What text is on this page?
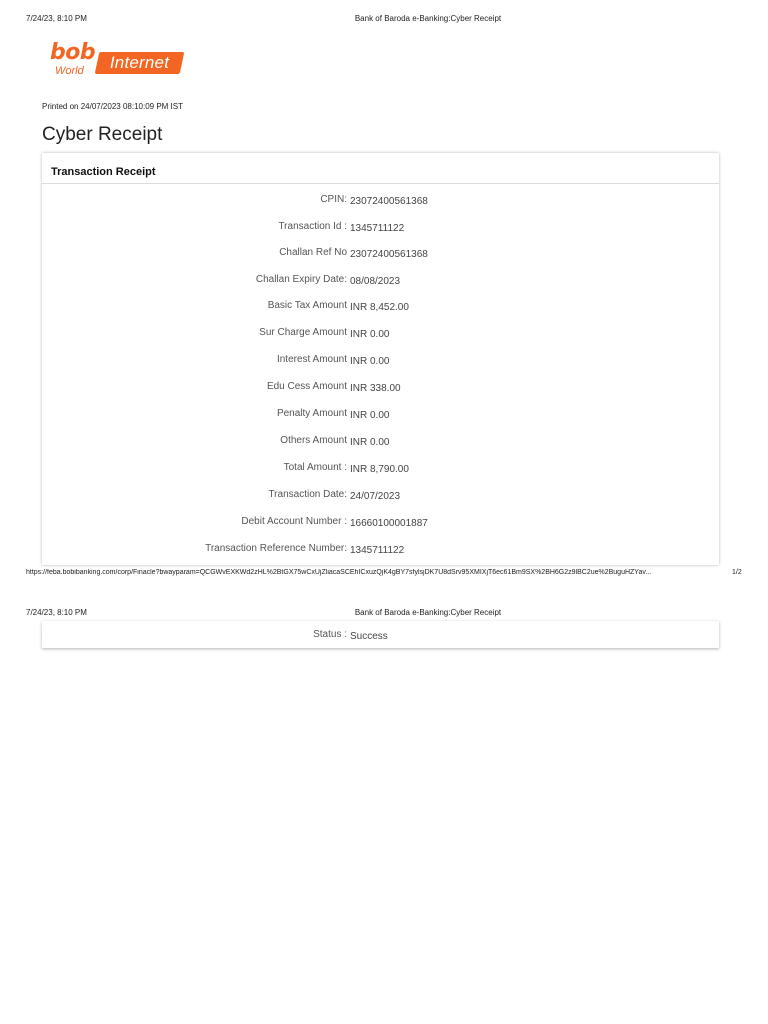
7/24/23, 8:10 PM	Bank of Baroda e-Banking:Cyber Receipt
bob
World	Internet
Printed on 24/07/2023 08:10:09 PM IST
Cyber Receipt
Transaction Receipt
CPIN: 23072400561368
Transaction Id : 1345711122
Challan Ref No 23072400561368
Challan Expiry Date: 08/08/2023
Basic Tax Amount INR 8,452.00
Sur Charge Amount INR 0.00
Interest Amount INR 0.00
Edu Cess Amount INR 338.00
Penalty Amount INR 0.00
Others Amount INR 0.00
Total Amount : INR 8,790.00
Transaction Date: 24/07/2023
Debit Account Number : 16660100001887
Transaction Reference Number: 1345711122
https://feba.bobibanking.com/corp/Finacle?bwayparam=QCGWvEXKWd2zHL%2BtGX75wCxUjZliacaSCEhICxuzQjK4gBY7sfylsjDK7U8dSrv95XMIXjT6ec61Bm9SX%2BH6G2z9lBC2ue%2BuguHZYav...	1/2
7/24/23, 8:10 PM	Bank of Baroda e-Banking:Cyber Receipt
Status : Success
